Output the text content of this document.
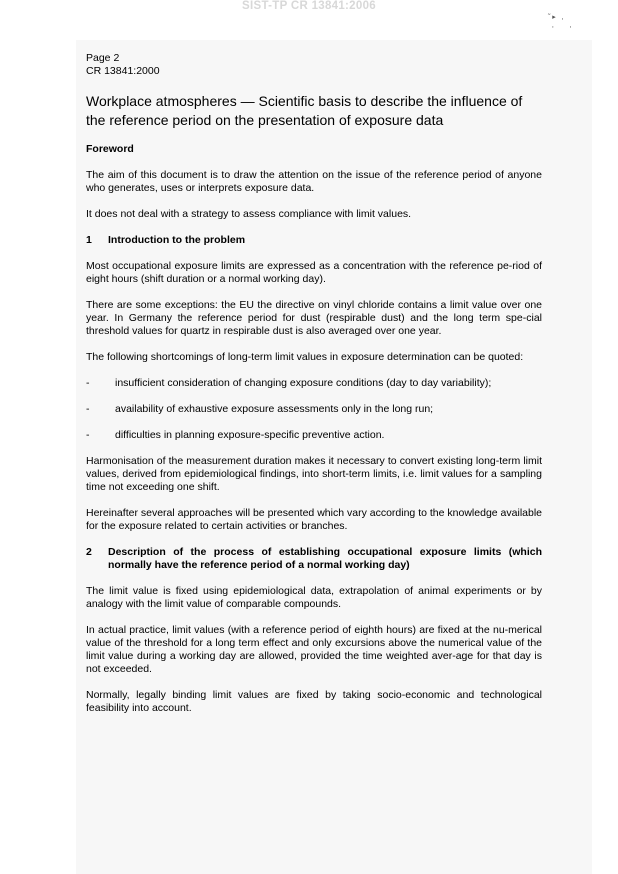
SIST-TP CR 13841:2006
˜ ▸   ,
,        ,
Page 2
CR 13841:2000
Workplace atmospheres — Scientific basis to describe the influence of the reference period on the presentation of exposure data
Foreword

The aim of this document is to draw the attention on the issue of the reference period of anyone who generates, uses or interprets exposure data.

It does not deal with a strategy to assess compliance with limit values.

1	Introduction to the problem

Most occupational exposure limits are expressed as a concentration with the reference pe-riod of eight hours (shift duration or a normal working day).

There are some exceptions: the EU the directive on vinyl chloride contains a limit value over one year. In Germany the reference period for dust (respirable dust) and the long term spe-cial threshold values for quartz in respirable dust is also averaged over one year.

The following shortcomings of long-term limit values in exposure determination can be quoted:

-	insufficient consideration of changing exposure conditions (day to day variability);
-	availability of exhaustive exposure assessments only in the long run;
-	difficulties in planning exposure-specific preventive action.

Harmonisation of the measurement duration makes it necessary to convert existing long-term limit values, derived from epidemiological findings, into short-term limits, i.e. limit values for a sampling time not exceeding one shift.

Hereinafter several approaches will be presented which vary according to the knowledge available for the exposure related to certain activities or branches.

2	Description of the process of establishing occupational exposure limits (which normally have the reference period of a normal working day)

The limit value is fixed using epidemiological data, extrapolation of animal experiments or by analogy with the limit value of comparable compounds.

In actual practice, limit values (with a reference period of eighth hours) are fixed at the nu-merical value of the threshold for a long term effect and only excursions above the numerical value of the limit value during a working day are allowed, provided the time weighted aver-age for that day is not exceeded.

Normally, legally binding limit values are fixed by taking socio-economic and technological feasibility into account.
